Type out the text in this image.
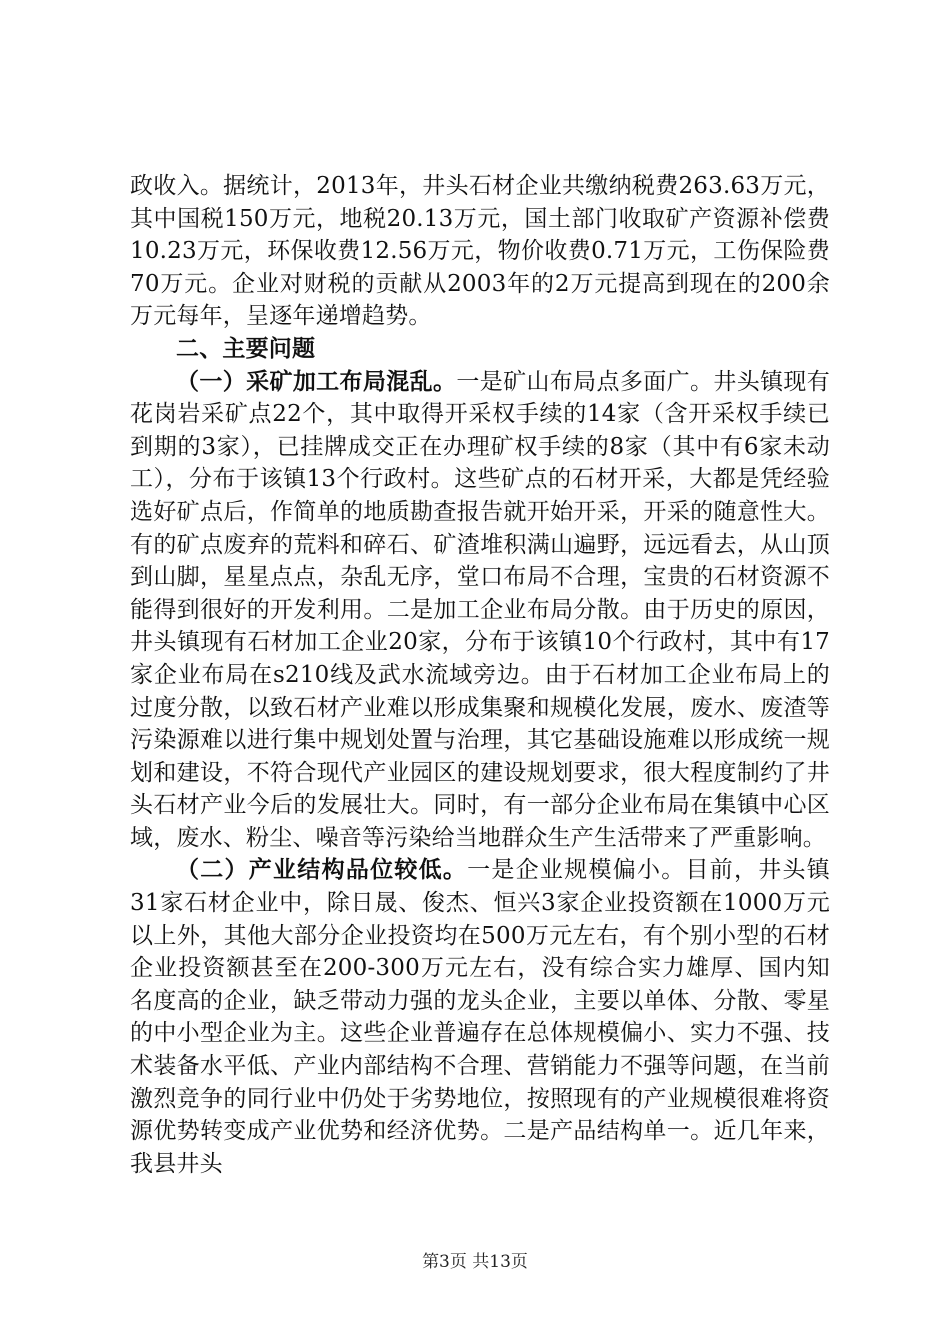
政收入。据统计，2013年，井头石材企业共缴纳税费263.63万元，其中国税150万元，地税20.13万元，国土部门收取矿产资源补偿费10.23万元，环保收费12.56万元，物价收费0.71万元，工伤保险费70万元。企业对财税的贡献从2003年的2万元提高到现在的200余万元每年，呈逐年递增趋势。

二、主要问题

（一）采矿加工布局混乱。一是矿山布局点多面广。井头镇现有花岗岩采矿点22个，其中取得开采权手续的14家（含开采权手续已到期的3家），已挂牌成交正在办理矿权手续的8家（其中有6家未动工），分布于该镇13个行政村。这些矿点的石材开采，大都是凭经验选好矿点后，作简单的地质勘查报告就开始开采，开采的随意性大。有的矿点废弃的荒料和碎石、矿渣堆积满山遍野，远远看去，从山顶到山脚，星星点点，杂乱无序，堂口布局不合理，宝贵的石材资源不能得到很好的开发利用。二是加工企业布局分散。由于历史的原因，井头镇现有石材加工企业20家，分布于该镇10个行政村，其中有17家企业布局在s210线及武水流域旁边。由于石材加工企业布局上的过度分散，以致石材产业难以形成集聚和规模化发展，废水、废渣等污染源难以进行集中规划处置与治理，其它基础设施难以形成统一规划和建设，不符合现代产业园区的建设规划要求，很大程度制约了井头石材产业今后的发展壮大。同时，有一部分企业布局在集镇中心区域，废水、粉尘、噪音等污染给当地群众生产生活带来了严重影响。

（二）产业结构品位较低。一是企业规模偏小。目前，井头镇31家石材企业中，除日晟、俊杰、恒兴3家企业投资额在1000万元以上外，其他大部分企业投资均在500万元左右，有个别小型的石材企业投资额甚至在200-300万元左右，没有综合实力雄厚、国内知名度高的企业，缺乏带动力强的龙头企业，主要以单体、分散、零星的中小型企业为主。这些企业普遍存在总体规模偏小、实力不强、技术装备水平低、产业内部结构不合理、营销能力不强等问题，在当前激烈竞争的同行业中仍处于劣势地位，按照现有的产业规模很难将资源优势转变成产业优势和经济优势。二是产品结构单一。近几年来，我县井头

第3页 共13页
